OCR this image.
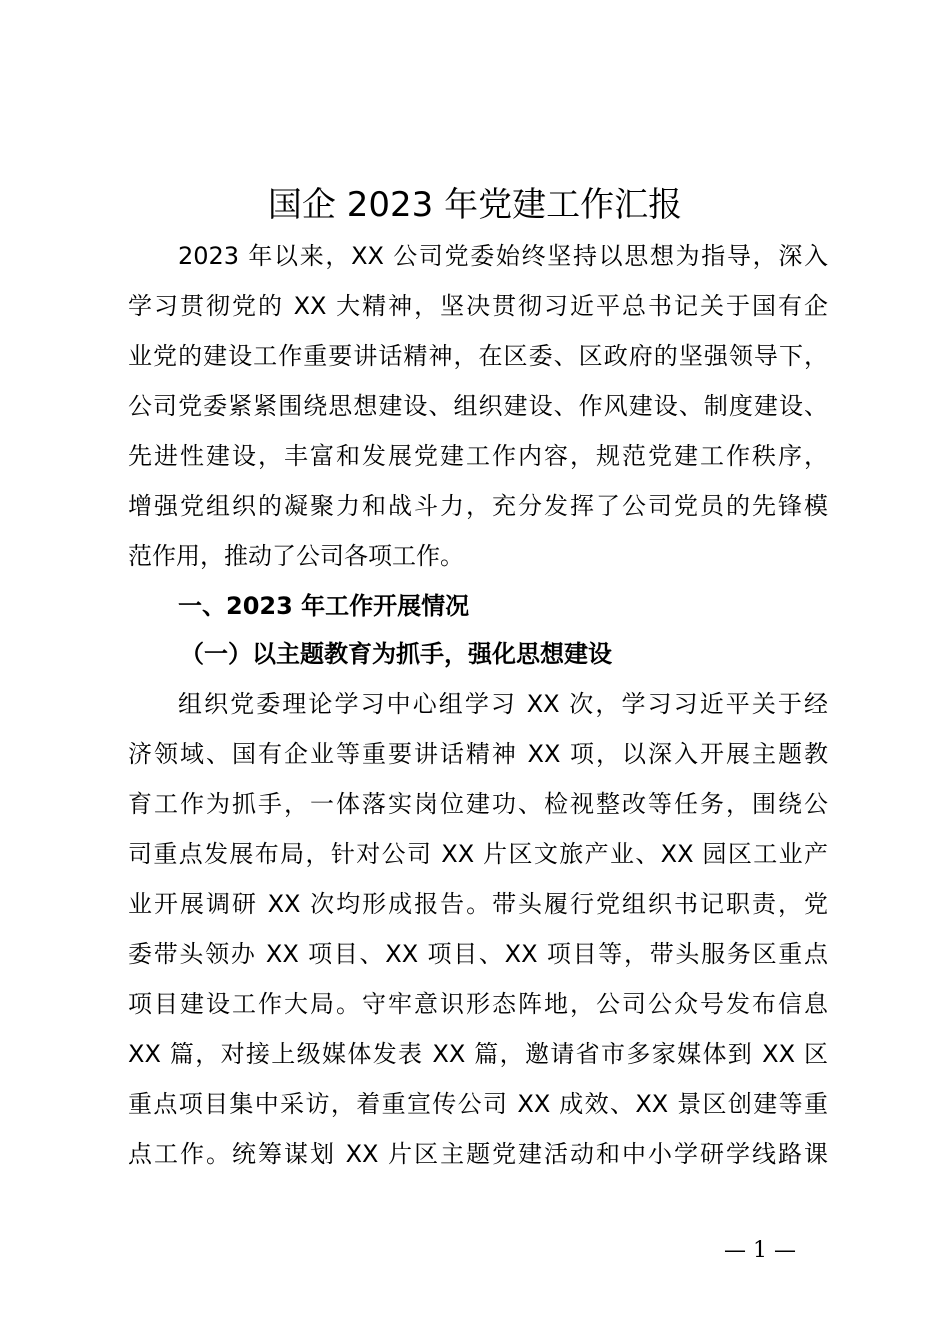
国企 2023 年党建工作汇报
2023 年以来，XX 公司党委始终坚持以思想为指导，深入
学习贯彻党的 XX 大精神，坚决贯彻习近平总书记关于国有企
业党的建设工作重要讲话精神，在区委、区政府的坚强领导下，
公司党委紧紧围绕思想建设、组织建设、作风建设、制度建设、
先进性建设，丰富和发展党建工作内容，规范党建工作秩序，
增强党组织的凝聚力和战斗力，充分发挥了公司党员的先锋模
范作用，推动了公司各项工作。
一、2023 年工作开展情况
（一）以主题教育为抓手，强化思想建设
组织党委理论学习中心组学习 XX 次，学习习近平关于经
济领域、国有企业等重要讲话精神 XX 项，以深入开展主题教
育工作为抓手，一体落实岗位建功、检视整改等任务，围绕公
司重点发展布局，针对公司 XX 片区文旅产业、XX 园区工业产
业开展调研 XX 次均形成报告。带头履行党组织书记职责，党
委带头领办 XX 项目、XX 项目、XX 项目等，带头服务区重点
项目建设工作大局。守牢意识形态阵地，公司公众号发布信息
XX 篇，对接上级媒体发表 XX 篇，邀请省市多家媒体到 XX 区
重点项目集中采访，着重宣传公司 XX 成效、XX 景区创建等重
点工作。统筹谋划 XX 片区主题党建活动和中小学研学线路课
— 1 —
